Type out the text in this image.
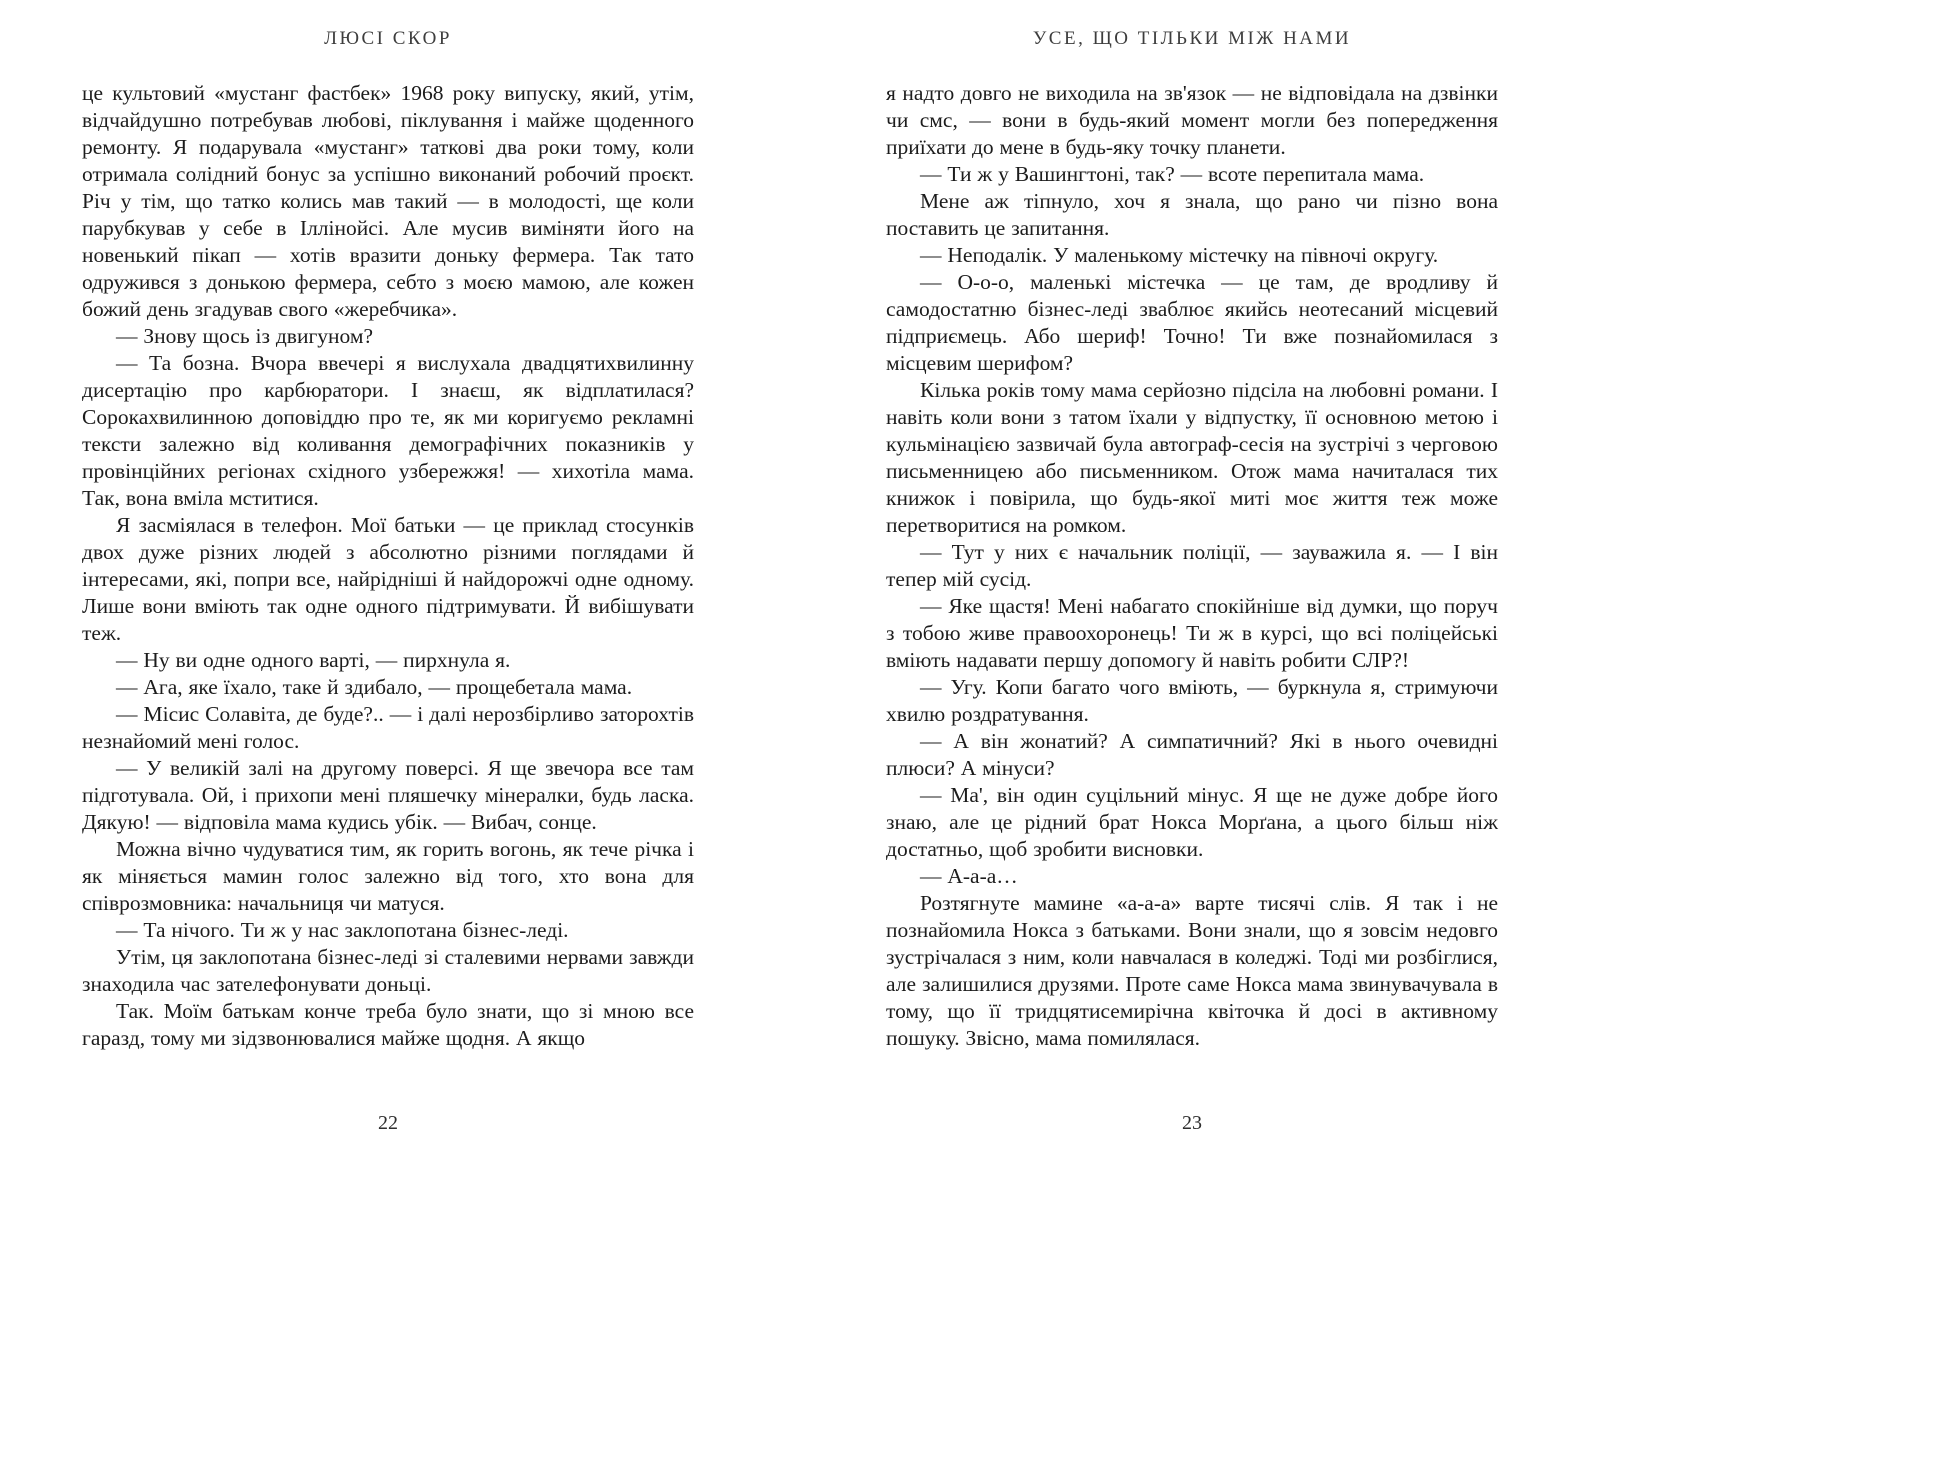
ЛЮСІ СКОР

це культовий «мустанг фастбек» 1968 року випуску, який, утім, відчайдушно потребував любові, піклування і майже щоденного ремонту. Я подарувала «мустанг» таткові два роки тому, коли отримала солідний бонус за успішно виконаний робочий проєкт. Річ у тім, що татко колись мав такий — в молодості, ще коли парубкував у себе в Іллінойсі. Але мусив виміняти його на новенький пікап — хотів вразити доньку фермера. Так тато одружився з донькою фермера, себто з моєю мамою, але кожен божий день згадував свого «жеребчика».

— Знову щось із двигуном?

— Та бозна. Вчора ввечері я вислухала двадцятихвилинну дисертацію про карбюратори. І знаєш, як відплатилася? Сорокахвилинною доповіддю про те, як ми коригуємо рекламні тексти залежно від коливання демографічних показників у провінційних регіонах східного узбережжя! — хихотіла мама. Так, вона вміла мститися.

Я засміялася в телефон. Мої батьки — це приклад стосунків двох дуже різних людей з абсолютно різними поглядами й інтересами, які, попри все, найрідніші й найдорожчі одне одному. Лише вони вміють так одне одного підтримувати. Й вибішувати теж.

— Ну ви одне одного варті, — пирхнула я.

— Ага, яке їхало, таке й здибало, — прощебетала мама.

— Місис Солавіта, де буде?.. — і далі нерозбірливо заторохтів незнайомий мені голос.

— У великій залі на другому поверсі. Я ще звечора все там підготувала. Ой, і прихопи мені пляшечку мінералки, будь ласка. Дякую! — відповіла мама кудись убік. — Вибач, сонце.

Можна вічно чудуватися тим, як горить вогонь, як тече річка і як міняється мамин голос залежно від того, хто вона для співрозмовника: начальниця чи матуся.

— Та нічого. Ти ж у нас заклопотана бізнес-леді.

Утім, ця заклопотана бізнес-леді зі сталевими нервами завжди знаходила час зателефонувати доньці.

Так. Моїм батькам конче треба було знати, що зі мною все гаразд, тому ми зідзвонювалися майже щодня. А якщо

22
УСЕ, ЩО ТІЛЬКИ МІЖ НАМИ

я надто довго не виходила на зв'язок — не відповідала на дзвінки чи смс, — вони в будь-який момент могли без попередження приїхати до мене в будь-яку точку планети.

— Ти ж у Вашингтоні, так? — всоте перепитала мама.

Мене аж тіпнуло, хоч я знала, що рано чи пізно вона поставить це запитання.

— Неподалік. У маленькому містечку на півночі округу.

— О-о-о, маленькі містечка — це там, де вродливу й самодостатню бізнес-леді зваблює якийсь неотесаний місцевий підприємець. Або шериф! Точно! Ти вже познайомилася з місцевим шерифом?

Кілька років тому мама серйозно підсіла на любовні романи. І навіть коли вони з татом їхали у відпустку, її основною метою і кульмінацією зазвичай була автограф-сесія на зустрічі з черговою письменницею або письменником. Отож мама начиталася тих книжок і повірила, що будь-якої миті моє життя теж може перетворитися на ромком.

— Тут у них є начальник поліції, — зауважила я. — І він тепер мій сусід.

— Яке щастя! Мені набагато спокійніше від думки, що поруч з тобою живе правоохоронець! Ти ж в курсі, що всі поліцейські вміють надавати першу допомогу й навіть робити СЛР?!

— Угу. Копи багато чого вміють, — буркнула я, стримуючи хвилю роздратування.

— А він жонатий? А симпатичний? Які в нього очевидні плюси? А мінуси?

— Ма', він один суцільний мінус. Я ще не дуже добре його знаю, але це рідний брат Нокса Морґана, а цього більш ніж достатньо, щоб зробити висновки.

— А-а-а…

Розтягнуте мамине «а-а-а» варте тисячі слів. Я так і не познайомила Нокса з батьками. Вони знали, що я зовсім недовго зустрічалася з ним, коли навчалася в коледжі. Тоді ми розбіглися, але залишилися друзями. Проте саме Нокса мама звинувачувала в тому, що її тридцятисемирічна квіточка й досі в активному пошуку. Звісно, мама помилялася.

23
